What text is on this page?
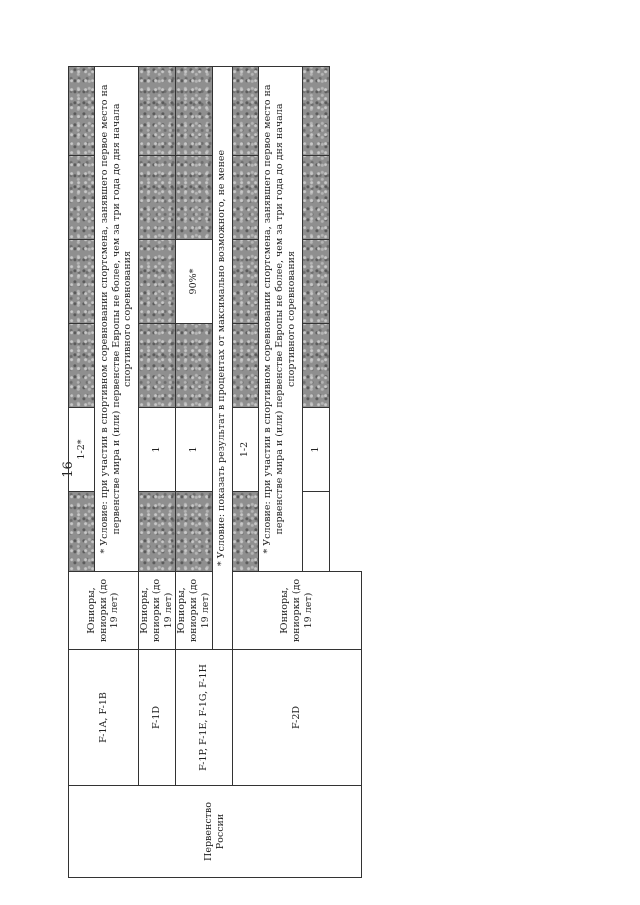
16
Первенство России	F-1A, F-1B	Юниоры, юниорки (до 19 лет)		1-2*				
			* Условие: при участии в спортивном соревновании спортсмена, занявшего первое место на первенстве мира и (или) первенстве Европы не более, чем за три года до дня начала спортивного соревнования					
	F-1D	Юниоры, юниорки (до 19 лет)		1				
	F-1P, F-1E, F-1G, F-1H	Юниоры, юниорки (до 19 лет)		1		90%*		
		* Условие: показать результат в процентах от максимально возможного, не менее						
	F-2D	Юниоры, юниорки (до 19 лет)		1-2				
			* Условие: при участии в спортивном соревновании спортсмена, занявшего первое место на первенстве мира и (или) первенстве Европы не более, чем за три года до дня начала спортивного соревнования					
				1				
